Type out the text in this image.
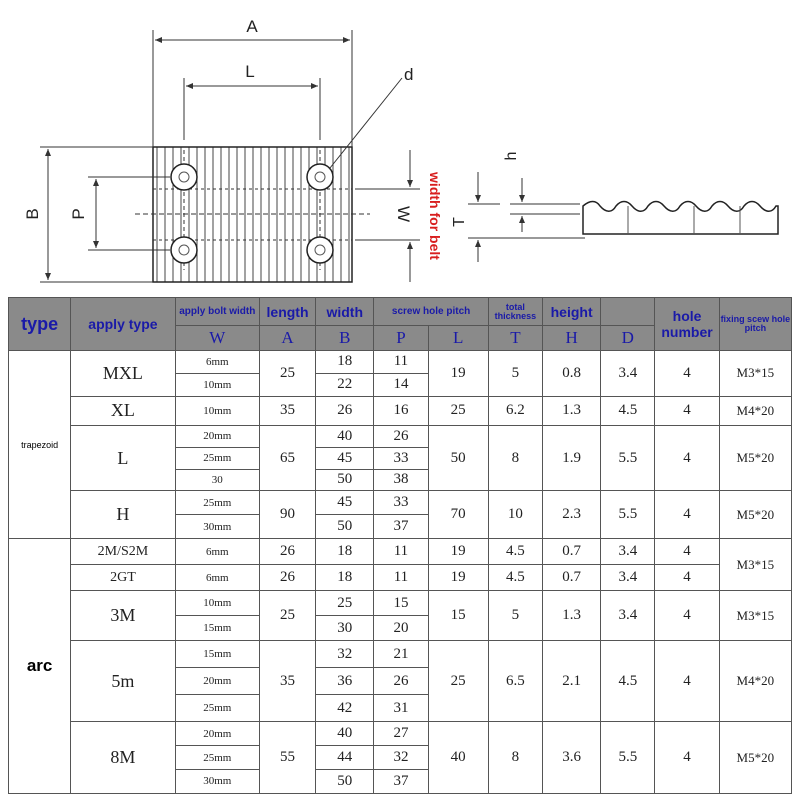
A
L	d
B P	W width for belt
h
T
type	apply type	apply bolt width	length	width	screw hole pitch		total thickness	height		hole number	fixing scew hole pitch
		W	A	B	P	L	T	H	D		
trapezoid	MXL	6mm	25	18	11	19	5	0.8	3.4	4	M3*15
		10mm		22	14						
	XL	10mm	35	26	16	25	6.2	1.3	4.5	4	M4*20
	L	20mm	65	40	26	50	8	1.9	5.5	4	M5*20
		25mm		45	33						
		30		50	38						
	H	25mm	90	45	33	70	10	2.3	5.5	4	M5*20
		30mm		50	37						
arc	2M/S2M	6mm	26	18	11	19	4.5	0.7	3.4	4	M3*15
	2GT	6mm	26	18	11	19	4.5	0.7	3.4	4	
	3M	10mm	25	25	15	15	5	1.3	3.4	4	M3*15
		15mm		30	20						
	5m	15mm	35	32	21	25	6.5	2.1	4.5	4	M4*20
		20mm		36	26						
		25mm		42	31						
	8M	20mm	55	40	27	40	8	3.6	5.5	4	M5*20
		25mm		44	32						
		30mm		50	37						
